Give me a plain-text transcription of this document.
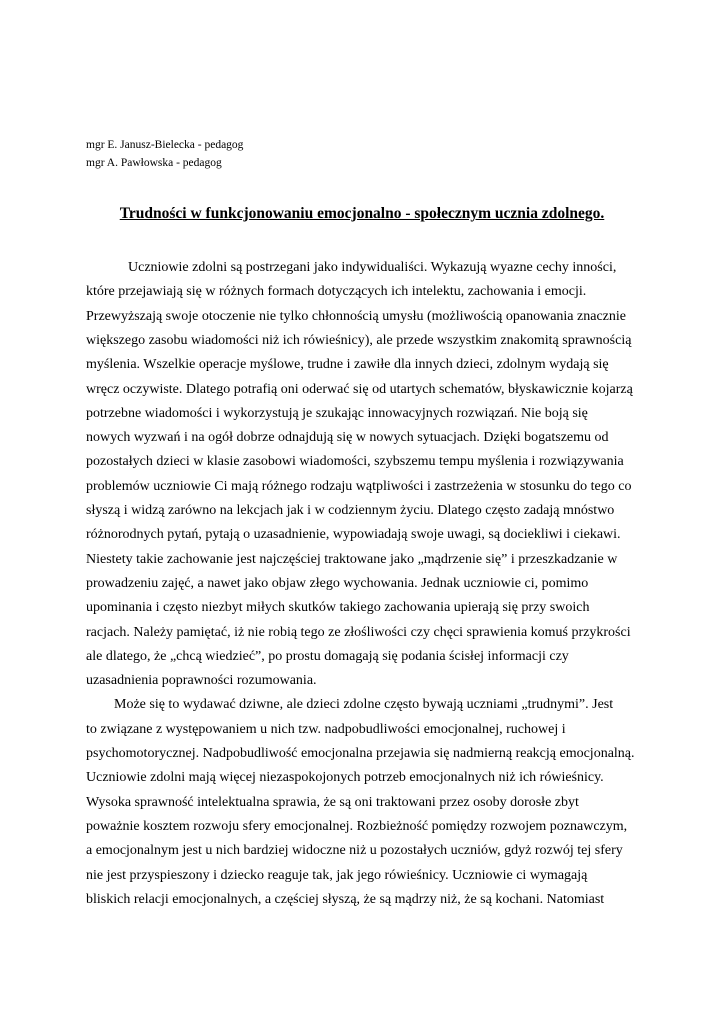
mgr E. Janusz-Bielecka - pedagog
mgr A. Pawłowska - pedagog
Trudności w funkcjonowaniu emocjonalno - społecznym ucznia zdolnego.
Uczniowie zdolni są postrzegani jako indywidualiści. Wykazują wyazne cechy inności,
które przejawiają się w różnych formach dotyczących ich intelektu, zachowania i emocji.
Przewyższają swoje otoczenie nie tylko chłonnością umysłu (możliwością opanowania znacznie
większego zasobu wiadomości niż ich rówieśnicy), ale przede wszystkim znakomitą sprawnością
myślenia. Wszelkie operacje myślowe, trudne i zawiłe dla innych dzieci, zdolnym wydają się
wręcz oczywiste. Dlatego potrafią oni oderwać się od utartych schematów, błyskawicznie kojarzą
potrzebne wiadomości i wykorzystują je szukając innowacyjnych rozwiązań. Nie boją się
nowych wyzwań i na ogół dobrze odnajdują się w nowych sytuacjach. Dzięki bogatszemu od
pozostałych dzieci w klasie zasobowi wiadomości, szybszemu tempu myślenia i rozwiązywania
problemów uczniowie Ci mają różnego rodzaju wątpliwości i zastrzeżenia w stosunku do tego co
słyszą i widzą zarówno na lekcjach jak i w codziennym życiu. Dlatego często zadają mnóstwo
różnorodnych pytań, pytają o uzasadnienie, wypowiadają swoje uwagi, są dociekliwi i ciekawi.
Niestety takie zachowanie jest najczęściej traktowane jako „mądrzenie się” i przeszkadzanie w
prowadzeniu zajęć, a nawet jako objaw złego wychowania. Jednak uczniowie ci, pomimo
upominania i często niezbyt miłych skutków takiego zachowania upierają się przy swoich
racjach. Należy pamiętać, iż nie robią tego ze złośliwości czy chęci sprawienia komuś przykrości
ale dlatego, że „chcą wiedzieć”, po prostu domagają się podania ścisłej informacji czy
uzasadnienia poprawności rozumowania.
Może się to wydawać dziwne, ale dzieci zdolne często bywają uczniami „trudnymi”. Jest
to związane z występowaniem u nich tzw. nadpobudliwości emocjonalnej, ruchowej i
psychomotorycznej. Nadpobudliwość emocjonalna przejawia się nadmierną reakcją emocjonalną.
Uczniowie zdolni mają więcej niezaspokojonych potrzeb emocjonalnych niż ich rówieśnicy.
Wysoka sprawność intelektualna sprawia, że są oni traktowani przez osoby dorosłe zbyt
poważnie kosztem rozwoju sfery emocjonalnej. Rozbieżność pomiędzy rozwojem poznawczym,
a emocjonalnym jest u nich bardziej widoczne niż u pozostałych uczniów, gdyż rozwój tej sfery
nie jest przyspieszony i dziecko reaguje tak, jak jego rówieśnicy. Uczniowie ci wymagają
bliskich relacji emocjonalnych, a częściej słyszą, że są mądrzy niż, że są kochani. Natomiast
